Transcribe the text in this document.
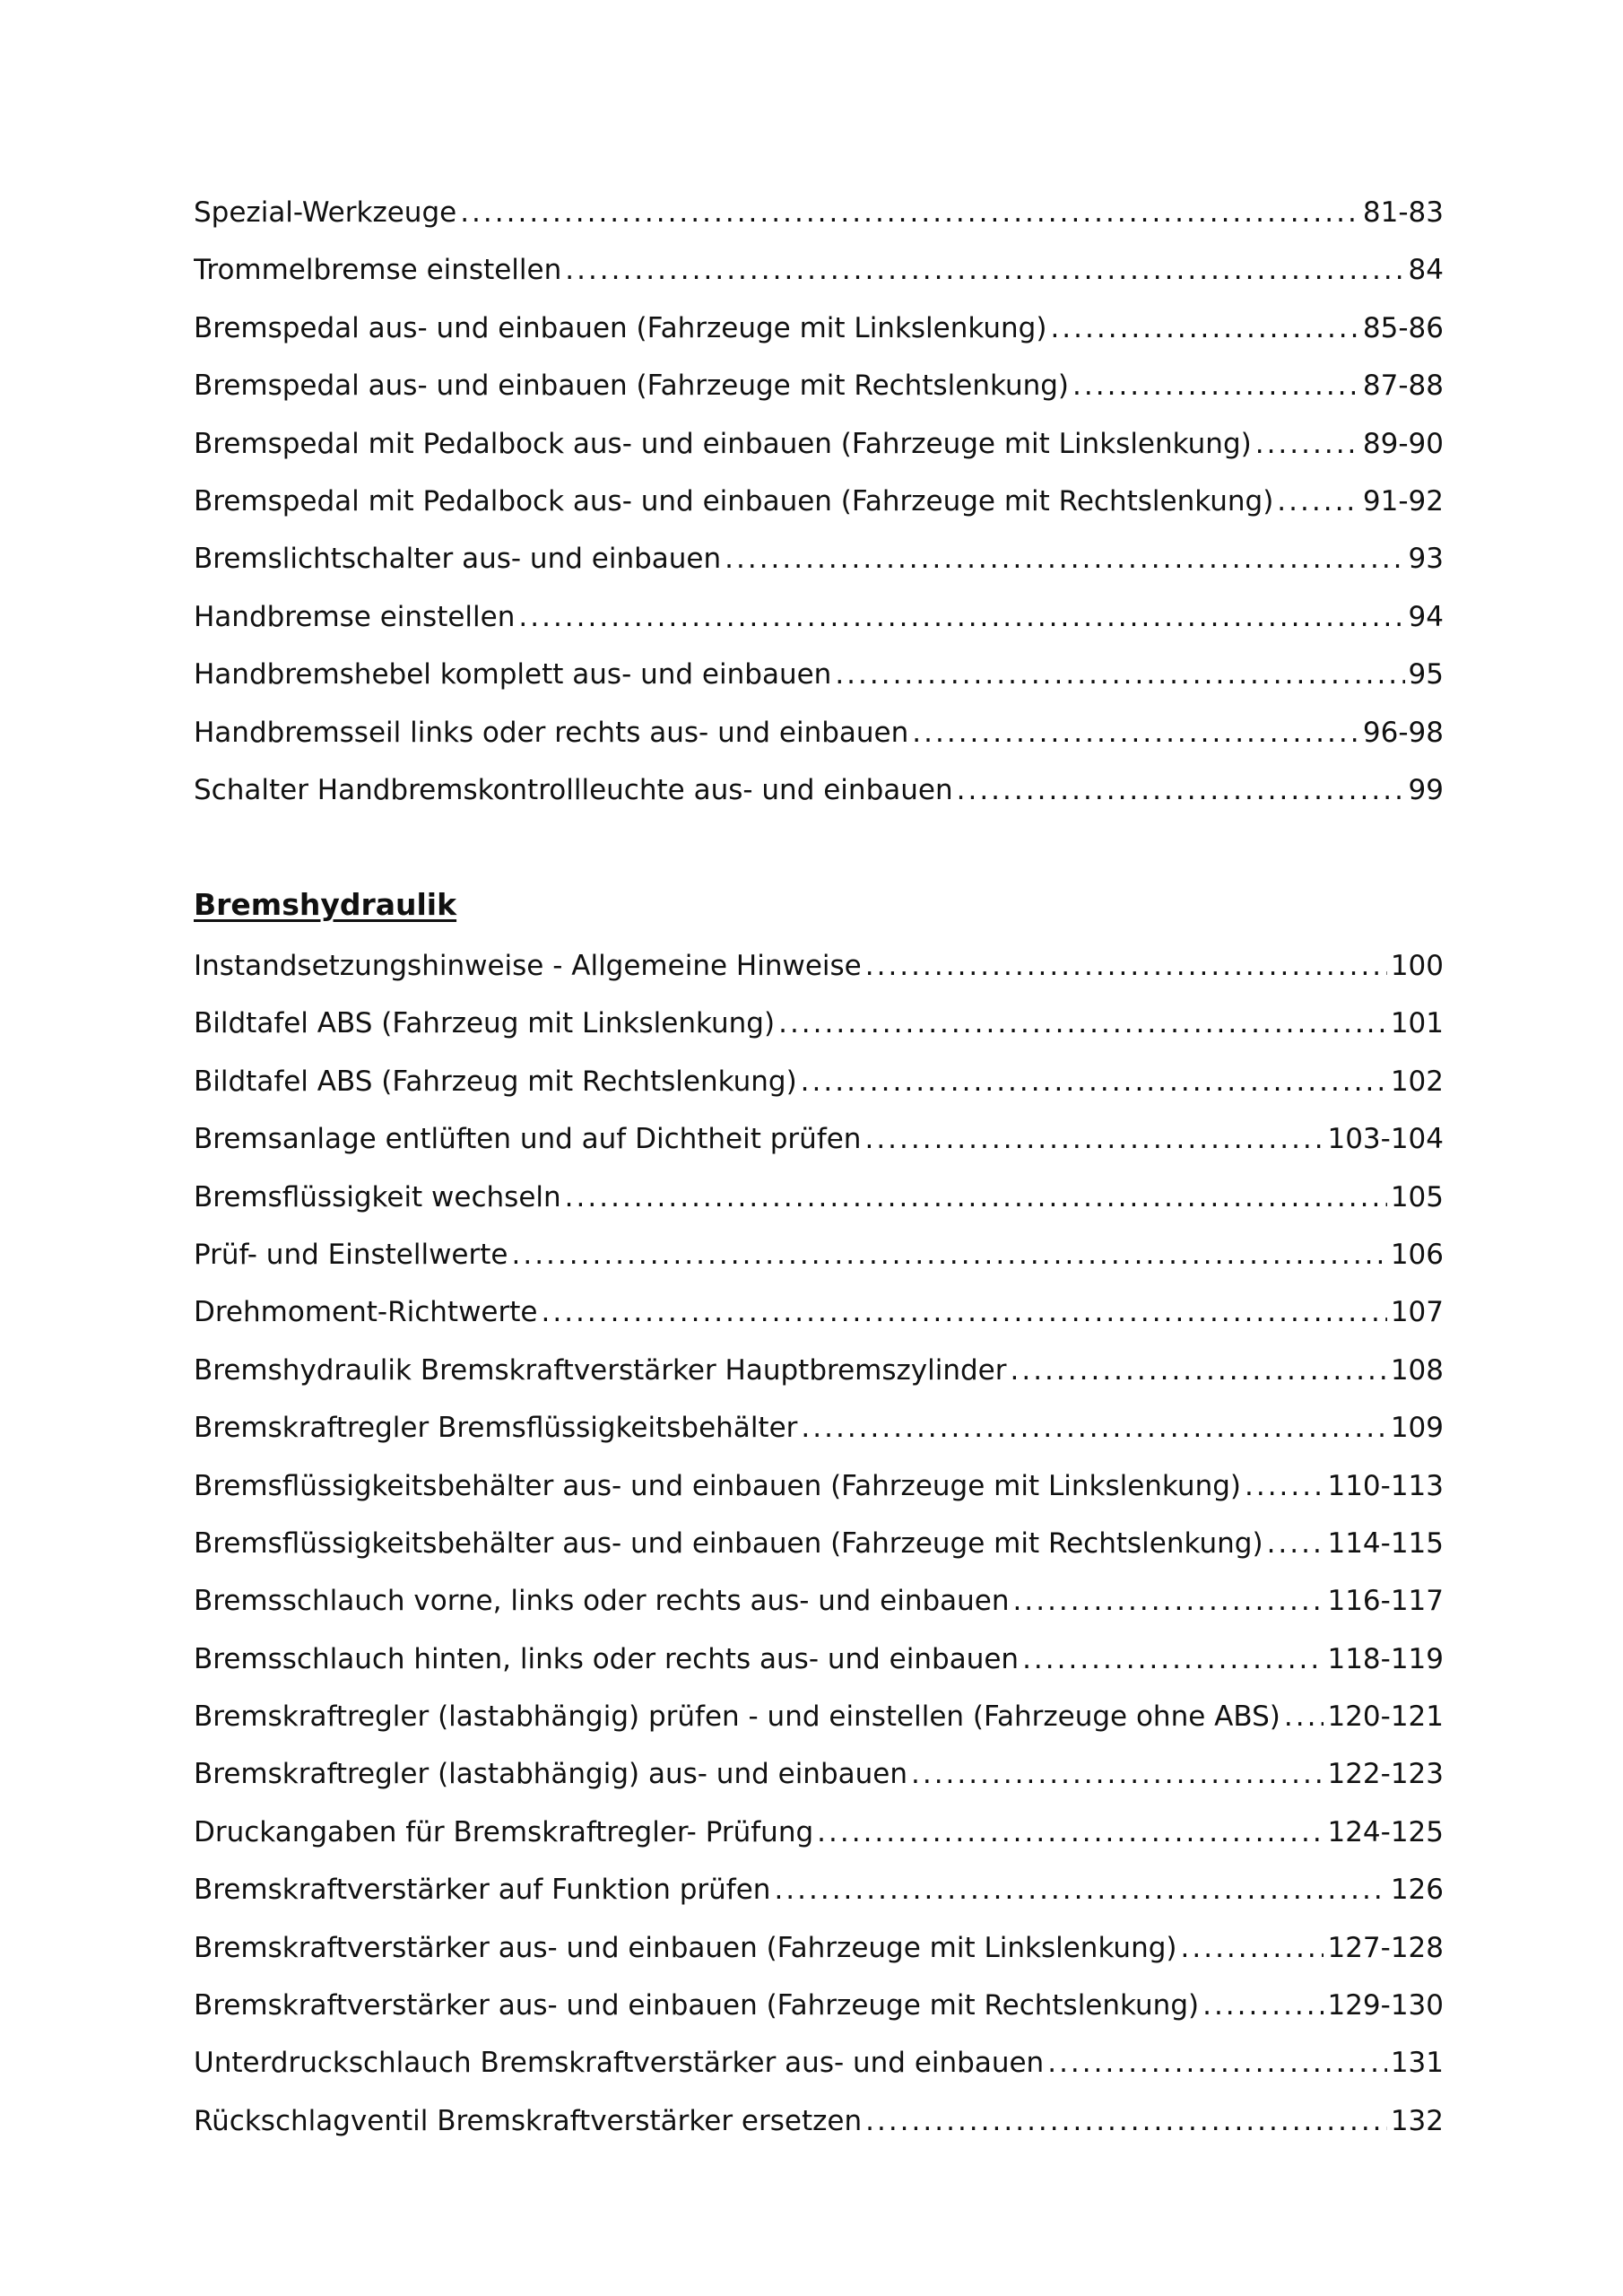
Spezial-Werkzeuge .....	81-83
Trommelbremse einstellen .....	84
Bremspedal aus- und einbauen (Fahrzeuge mit Linkslenkung) .....	85-86
Bremspedal aus- und einbauen (Fahrzeuge mit Rechtslenkung) .....	87-88
Bremspedal mit Pedalbock aus- und einbauen (Fahrzeuge mit Linkslenkung) .....	89-90
Bremspedal mit Pedalbock aus- und einbauen (Fahrzeuge mit Rechtslenkung) .....	91-92
Bremslichtschalter aus- und einbauen .....	93
Handbremse einstellen .....	94
Handbremshebel komplett aus- und einbauen .....	95
Handbremsseil links oder rechts aus- und einbauen .....	96-98
Schalter Handbremskontrollleuchte aus- und einbauen .....	99
Bremshydraulik
Instandsetzungshinweise - Allgemeine Hinweise .....	100
Bildtafel ABS (Fahrzeug mit Linkslenkung) .....	101
Bildtafel ABS (Fahrzeug mit Rechtslenkung) .....	102
Bremsanlage entlüften und auf Dichtheit prüfen .....	103-104
Bremsflüssigkeit wechseln .....	105
Prüf- und Einstellwerte .....	106
Drehmoment-Richtwerte .....	107
Bremshydraulik Bremskraftverstärker Hauptbremszylinder .....	108
Bremskraftregler Bremsflüssigkeitsbehälter .....	109
Bremsflüssigkeitsbehälter aus- und einbauen (Fahrzeuge mit Linkslenkung) .....	110-113
Bremsflüssigkeitsbehälter aus- und einbauen (Fahrzeuge mit Rechtslenkung) ..... 114-115
Bremsschlauch vorne, links oder rechts aus- und einbauen .....	116-117
Bremsschlauch hinten, links oder rechts aus- und einbauen .....	118-119
Bremskraftregler (lastabhängig) prüfen - und einstellen (Fahrzeuge ohne ABS) ..... 120-121
Bremskraftregler (lastabhängig) aus- und einbauen .....	122-123
Druckangaben für Bremskraftregler- Prüfung .....	124-125
Bremskraftverstärker auf Funktion prüfen .....	126
Bremskraftverstärker aus- und einbauen (Fahrzeuge mit Linkslenkung) .....	127-128
Bremskraftverstärker aus- und einbauen (Fahrzeuge mit Rechtslenkung) .....	129-130
Unterdruckschlauch Bremskraftverstärker aus- und einbauen .....	131
Rückschlagventil Bremskraftverstärker ersetzen .....	132
